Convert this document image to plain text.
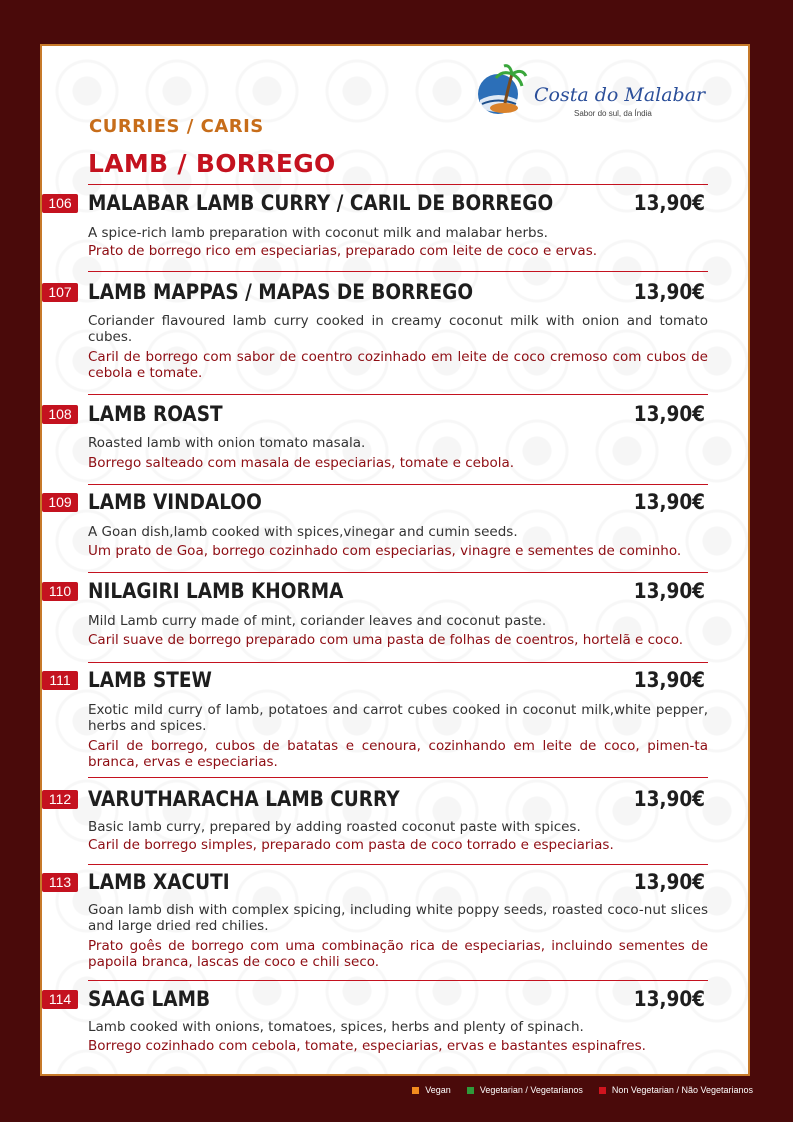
Costa do Malabar
Sabor do sul, da Índia
CURRIES / CARIS
LAMB / BORREGO
106 MALABAR LAMB CURRY / CARIL DE BORREGO	13,90€
A spice-rich lamb preparation with coconut milk and malabar herbs.
Prato de borrego rico em especiarias, preparado com leite de coco e ervas.
107 LAMB MAPPAS / MAPAS DE BORREGO	13,90€
Coriander flavoured lamb curry cooked in creamy coconut milk with onion and tomato cubes.
Caril de borrego com sabor de coentro cozinhado em leite de coco cremoso com cubos de cebola e tomate.
108 LAMB ROAST	13,90€
Roasted lamb with onion tomato masala.
Borrego salteado com masala de especiarias, tomate e cebola.
109 LAMB VINDALOO	13,90€
A Goan dish,lamb cooked with spices,vinegar and cumin seeds.
Um prato de Goa, borrego cozinhado com especiarias, vinagre e sementes de cominho.
110 NILAGIRI LAMB KHORMA	13,90€
Mild Lamb curry made of mint, coriander leaves and coconut paste.
Caril suave de borrego preparado com uma pasta de folhas de coentros, hortelã e coco.
111 LAMB STEW	13,90€
Exotic mild curry of lamb, potatoes and carrot cubes cooked in coconut milk,white pepper, herbs and spices.
Caril de borrego, cubos de batatas e cenoura, cozinhando em leite de coco, pimen-ta branca, ervas e especiarias.
112 VARUTHARACHA LAMB CURRY	13,90€
Basic lamb curry, prepared by adding roasted coconut paste with spices.
Caril de borrego simples, preparado com pasta de coco torrado e especiarias.
113 LAMB XACUTI	13,90€
Goan lamb dish with complex spicing, including white poppy seeds, roasted coco-nut slices and large dried red chilies.
Prato goês de borrego com uma combinação rica de especiarias, incluindo sementes de papoila branca, lascas de coco e chili seco.
114 SAAG LAMB	13,90€
Lamb cooked with onions, tomatoes, spices, herbs and plenty of spinach.
Borrego cozinhado com cebola, tomate, especiarias, ervas e bastantes espinafres.
Vegan	Vegetarian / Vegetarianos	Non Vegetarian / Não Vegetarianos
